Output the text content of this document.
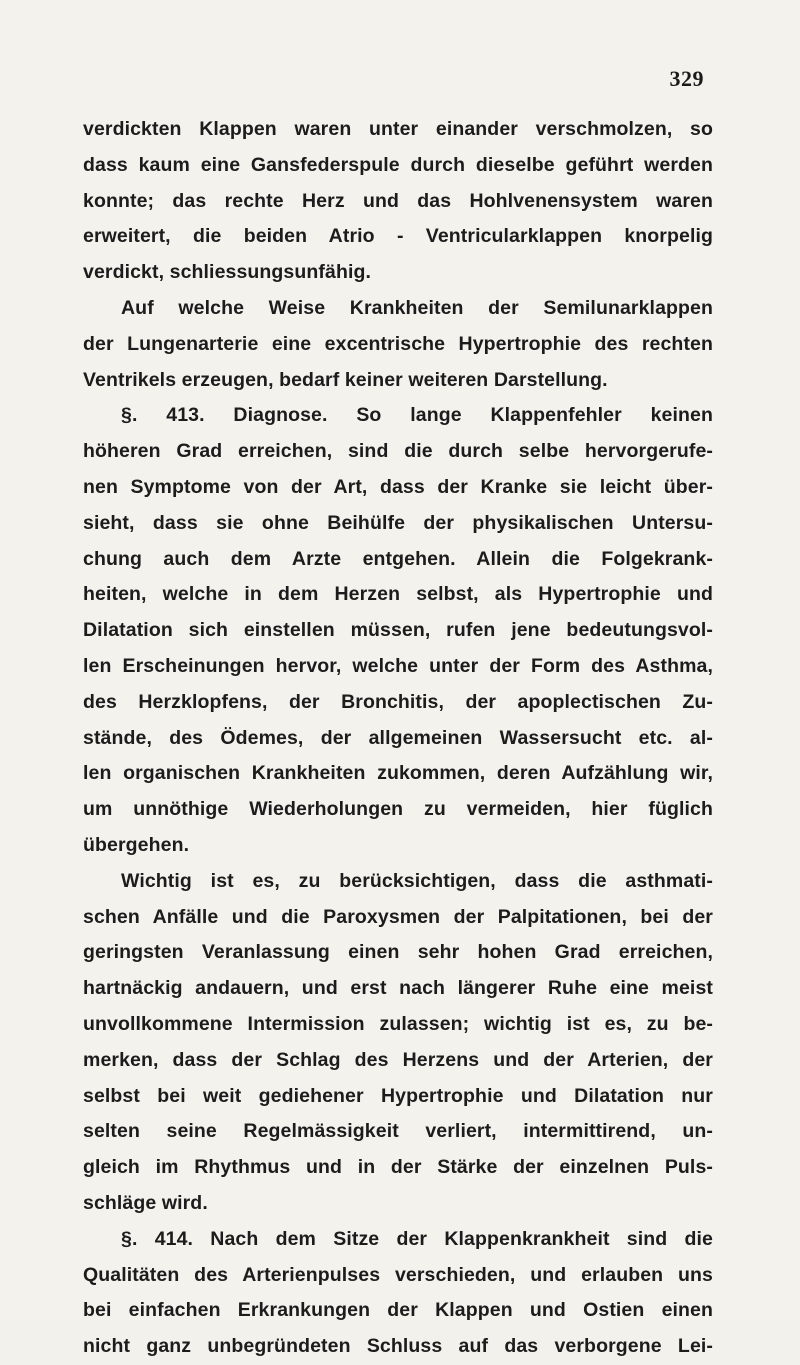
329
verdickten Klappen waren unter einander verschmolzen, so
dass kaum eine Gansfederspule durch dieselbe geführt werden
konnte; das rechte Herz und das Hohlvenensystem waren
erweitert, die beiden Atrio - Ventricularklappen knorpelig
verdickt, schliessungsunfähig.
Auf welche Weise Krankheiten der Semilunarklappen
der Lungenarterie eine excentrische Hypertrophie des rechten
Ventrikels erzeugen, bedarf keiner weiteren Darstellung.
§. 413. Diagnose. So lange Klappenfehler keinen
höheren Grad erreichen, sind die durch selbe hervorgerufe-
nen Symptome von der Art, dass der Kranke sie leicht über-
sieht, dass sie ohne Beihülfe der physikalischen Untersu-
chung auch dem Arzte entgehen. Allein die Folgekrank-
heiten, welche in dem Herzen selbst, als Hypertrophie und
Dilatation sich einstellen müssen, rufen jene bedeutungsvol-
len Erscheinungen hervor, welche unter der Form des Asthma,
des Herzklopfens, der Bronchitis, der apoplectischen Zu-
stände, des Ödemes, der allgemeinen Wassersucht etc. al-
len organischen Krankheiten zukommen, deren Aufzählung wir,
um unnöthige Wiederholungen zu vermeiden, hier füglich
übergehen.
Wichtig ist es, zu berücksichtigen, dass die asthmati-
schen Anfälle und die Paroxysmen der Palpitationen, bei der
geringsten Veranlassung einen sehr hohen Grad erreichen,
hartnäckig andauern, und erst nach längerer Ruhe eine meist
unvollkommene Intermission zulassen; wichtig ist es, zu be-
merken, dass der Schlag des Herzens und der Arterien, der
selbst bei weit gediehener Hypertrophie und Dilatation nur
selten seine Regelmässigkeit verliert, intermittirend, un-
gleich im Rhythmus und in der Stärke der einzelnen Puls-
schläge wird.
§. 414. Nach dem Sitze der Klappenkrankheit sind die
Qualitäten des Arterienpulses verschieden, und erlauben uns
bei einfachen Erkrankungen der Klappen und Ostien einen
nicht ganz unbegründeten Schluss auf das verborgene Lei-
